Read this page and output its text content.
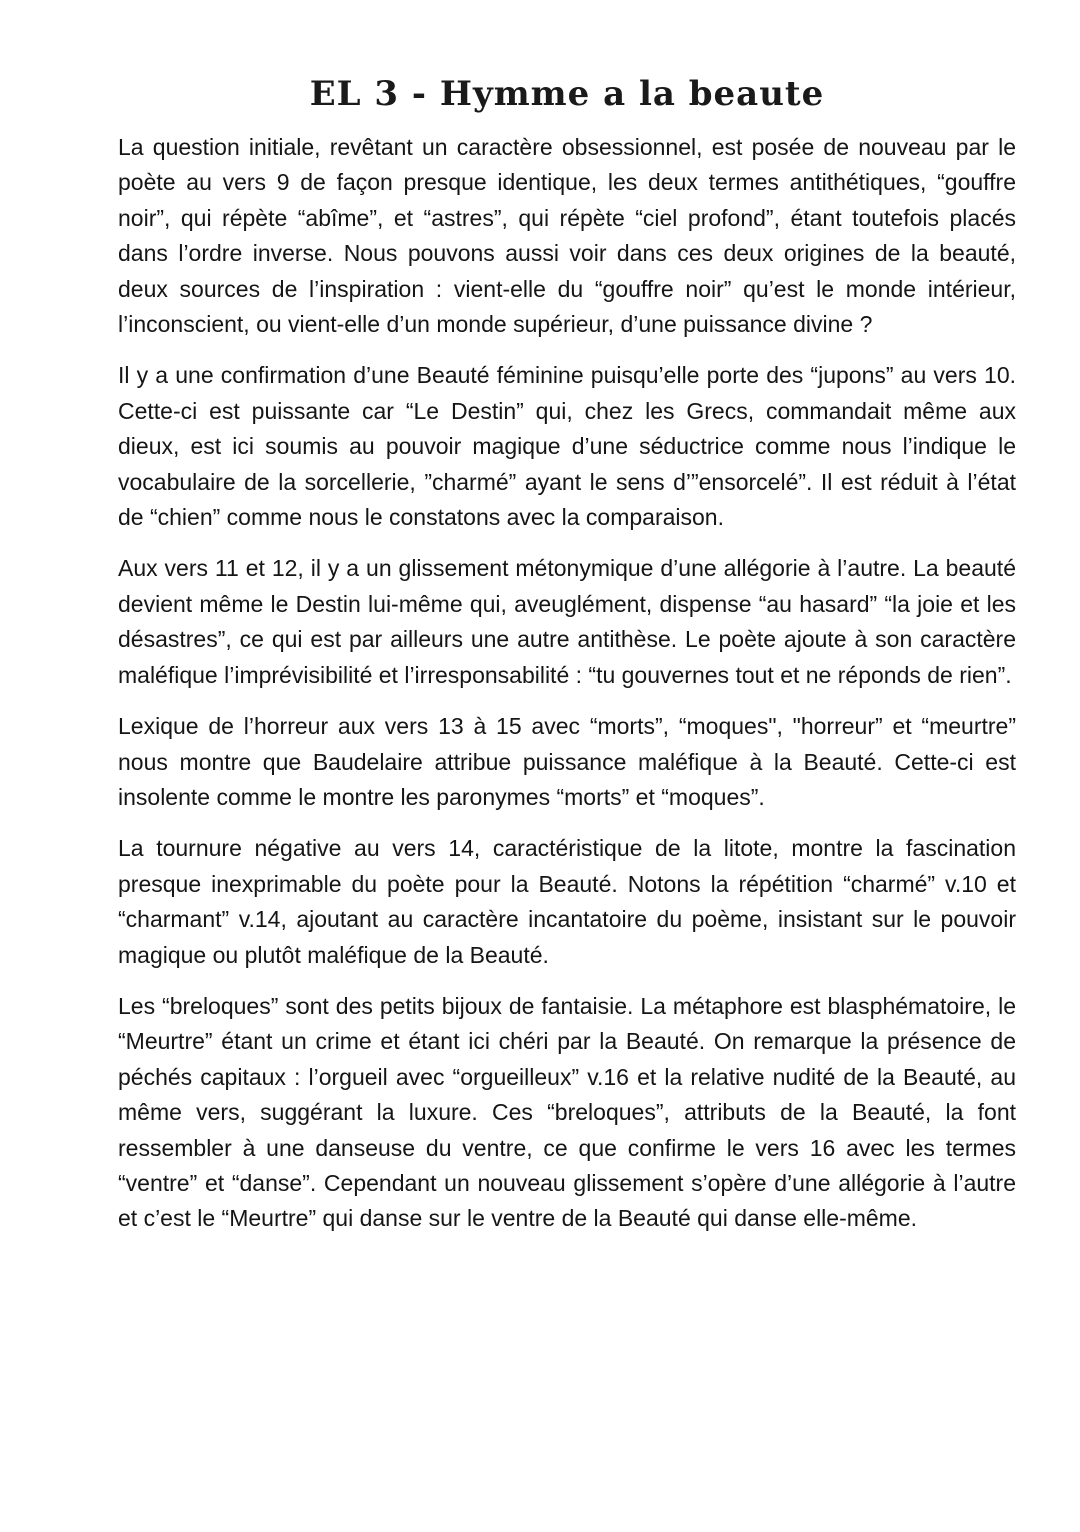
EL 3 - Hymme a la beaute

La question initiale, revêtant un caractère obsessionnel, est posée de nouveau par le poète au vers 9 de façon presque identique, les deux termes antithétiques, “gouffre noir”, qui répète “abîme”, et “astres”, qui répète “ciel profond”, étant toutefois placés dans l’ordre inverse. Nous pouvons aussi voir dans ces deux origines de la beauté, deux sources de l’inspiration : vient-elle du “gouffre noir” qu’est le monde intérieur, l’inconscient, ou vient-elle d’un monde supérieur, d’une puissance divine ?

Il y a une confirmation d’une Beauté féminine puisqu’elle porte des “jupons” au vers 10. Cette-ci est puissante car “Le Destin” qui, chez les Grecs, commandait même aux dieux, est ici soumis au pouvoir magique d’une séductrice comme nous l’indique le vocabulaire de la sorcellerie, ”charmé” ayant le sens d’”ensorcelé”. Il est réduit à l’état de “chien” comme nous le constatons avec la comparaison.

Aux vers 11 et 12, il y a un glissement métonymique d’une allégorie à l’autre. La beauté devient même le Destin lui-même qui, aveuglément, dispense “au hasard” “la joie et les désastres”, ce qui est par ailleurs une autre antithèse. Le poète ajoute à son caractère maléfique l’imprévisibilité et l’irresponsabilité : “tu gouvernes tout et ne réponds de rien”.

Lexique de l’horreur aux vers 13 à 15 avec “morts”, “moques", "horreur” et “meurtre” nous montre que Baudelaire attribue puissance maléfique à la Beauté. Cette-ci est insolente comme le montre les paronymes “morts” et “moques”.

La tournure négative au vers 14, caractéristique de la litote, montre la fascination presque inexprimable du poète pour la Beauté. Notons la répétition “charmé” v.10 et “charmant” v.14, ajoutant au caractère incantatoire du poème, insistant sur le pouvoir magique ou plutôt maléfique de la Beauté.

Les “breloques” sont des petits bijoux de fantaisie. La métaphore est blasphématoire, le “Meurtre” étant un crime et étant ici chéri par la Beauté. On remarque la présence de péchés capitaux : l’orgueil avec “orgueilleux” v.16 et la relative nudité de la Beauté, au même vers, suggérant la luxure. Ces “breloques”, attributs de la Beauté, la font ressembler à une danseuse du ventre, ce que confirme le vers 16 avec les termes “ventre” et “danse”. Cependant un nouveau glissement s’opère d’une allégorie à l’autre et c’est le “Meurtre” qui danse sur le ventre de la Beauté qui danse elle-même.
